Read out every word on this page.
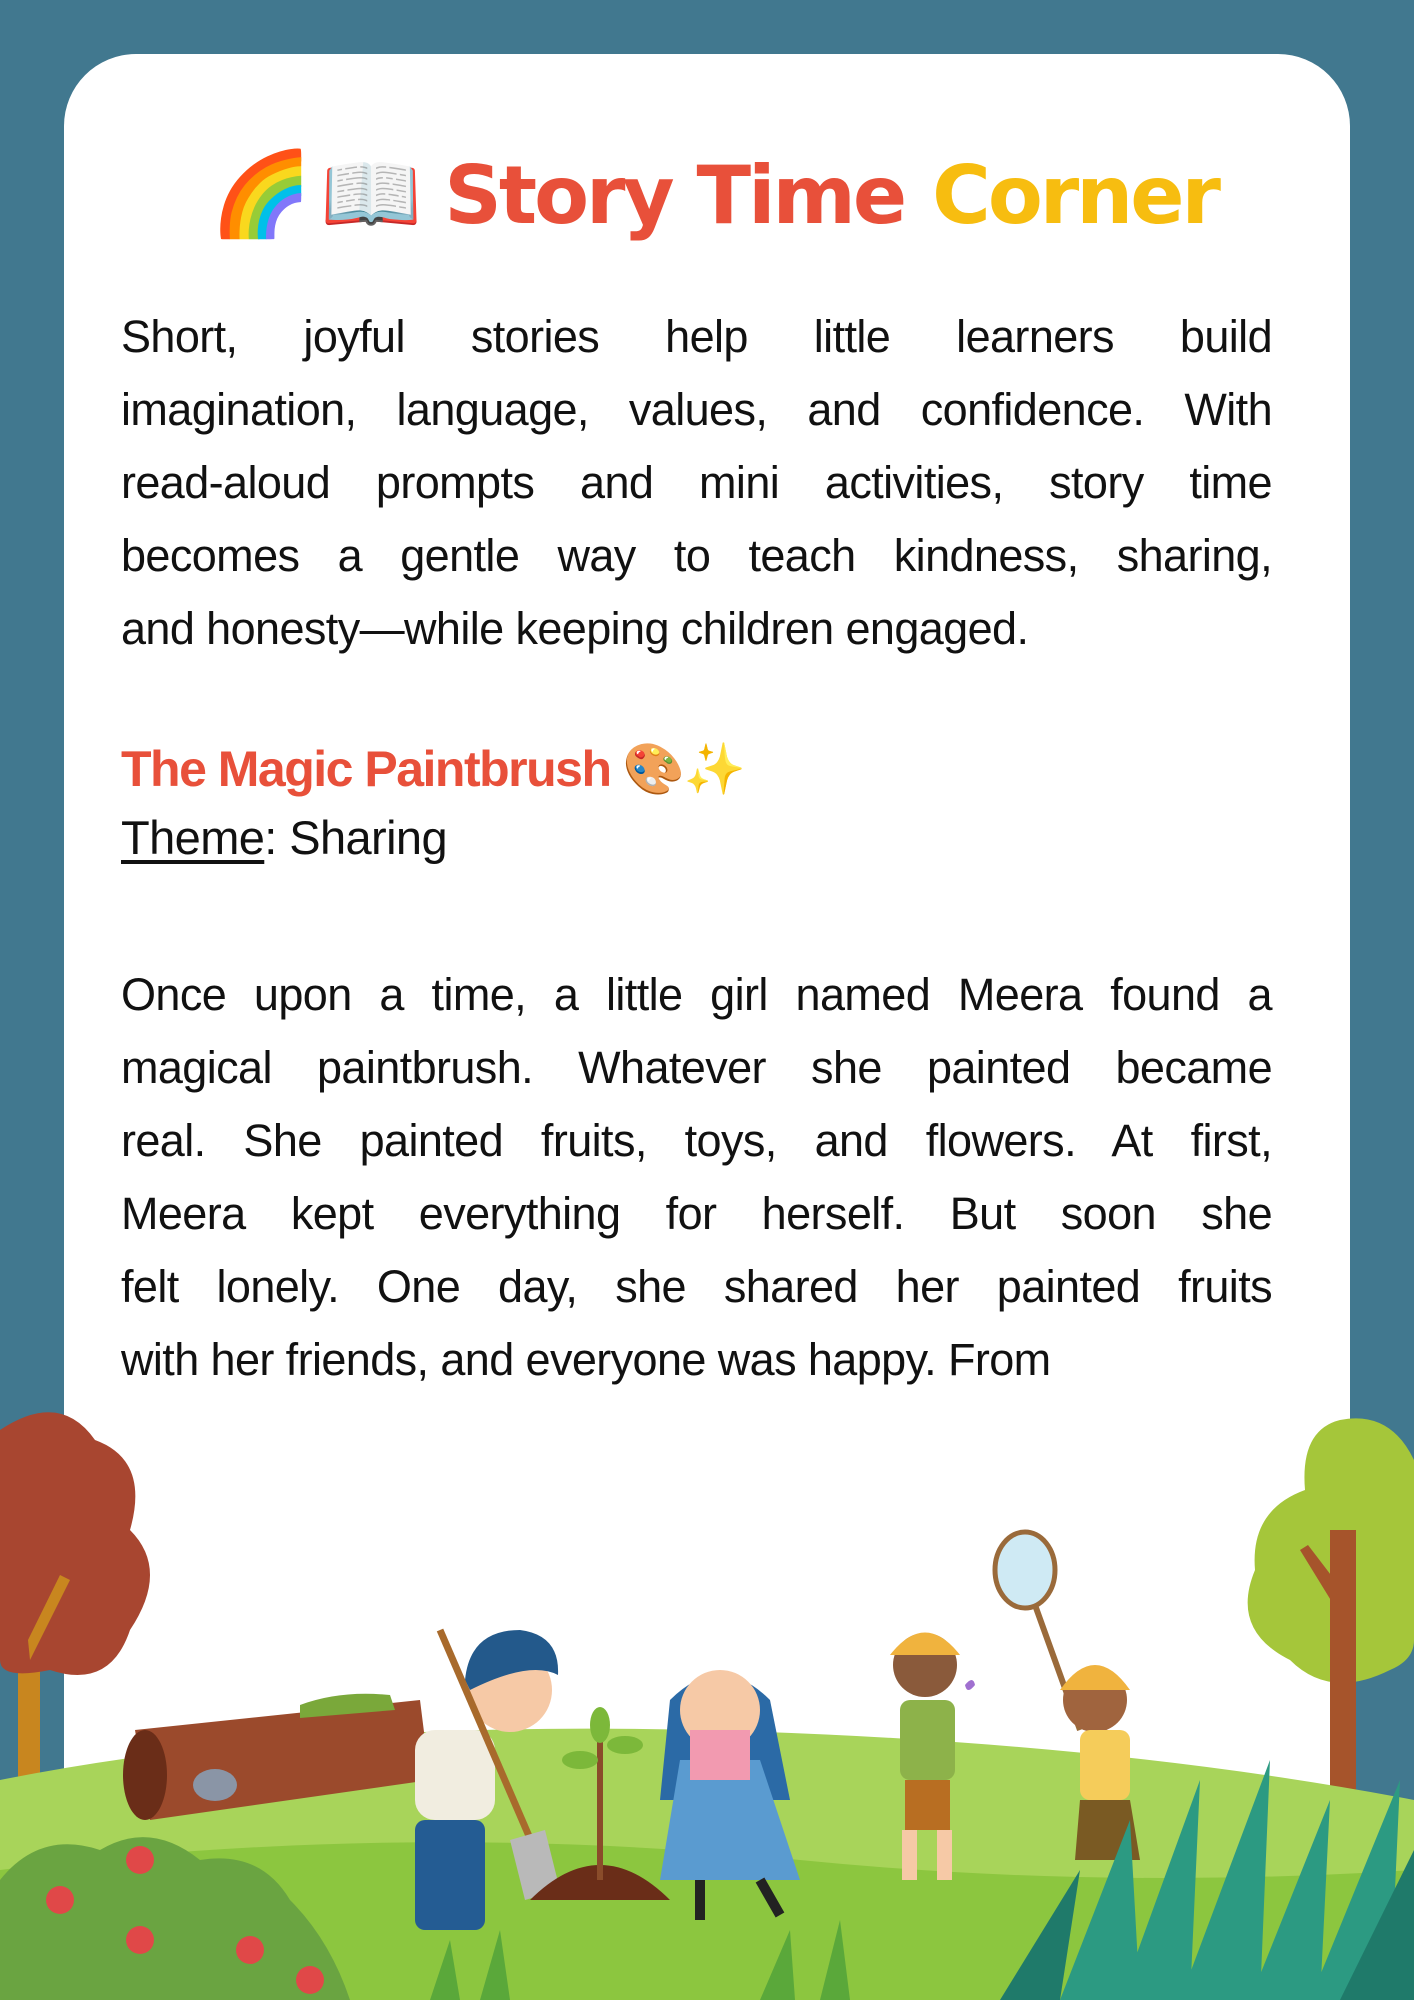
🌈 📖 Story Time Corner
Short, joyful stories help little learners build
imagination, language, values, and confidence. With
read-aloud prompts and mini activities, story time
becomes a gentle way to teach kindness, sharing,
and honesty—while keeping children engaged.
The Magic Paintbrush 🎨✨
Theme: Sharing
Once upon a time, a little girl named Meera found a
magical paintbrush. Whatever she painted became
real. She painted fruits, toys, and flowers. At first,
Meera kept everything for herself. But soon she
felt lonely. One day, she shared her painted fruits
with her friends, and everyone was happy. From
